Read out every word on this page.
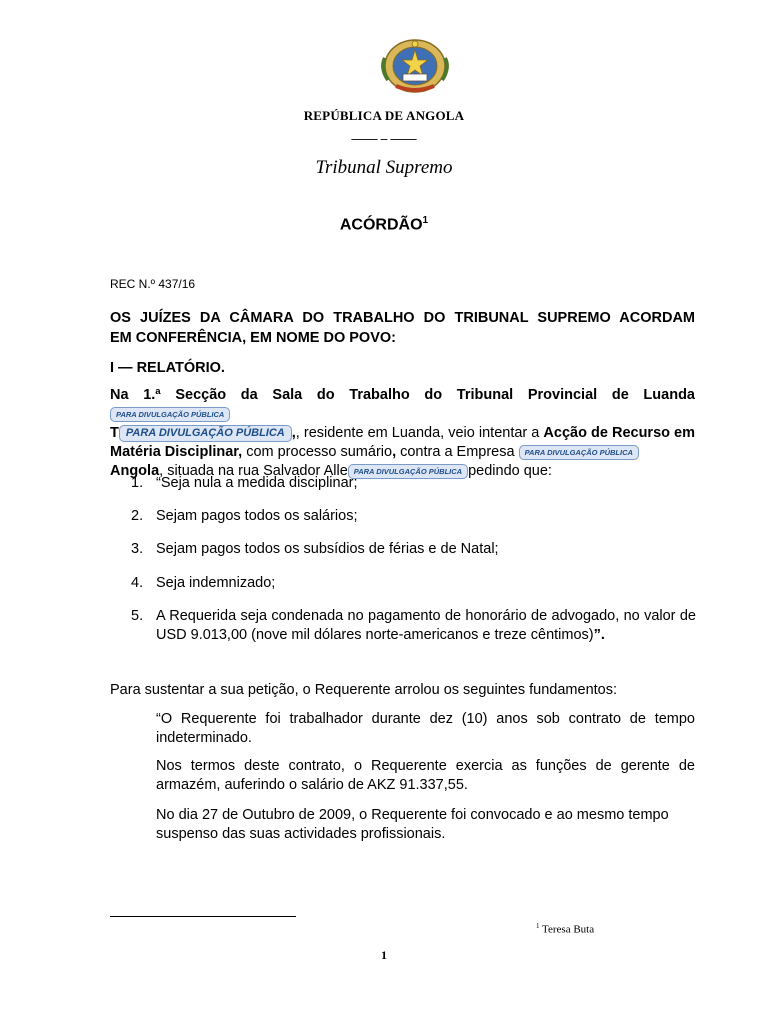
REPÚBLICA DE ANGOLA
____ _ ____
Tribunal Supremo
ACÓRDÃO$^1$
REC N.º 437/16
OS JUÍZES DA CÂMARA DO TRABALHO DO TRIBUNAL SUPREMO ACORDAM
EM CONFERÊNCIA, EM NOME DO POVO:
I — RELATÓRIO.
Na 1.ª Secção da Sala do Trabalho do Tribunal Provincial de LuandaPARA DIVULGAÇÃO PÚBLICA
T PARA DIVULGAÇÃO PÚBLICA ,, residente em Luanda, veio intentar a Acção de Recurso em Matéria Disciplinar, com processo sumário, contra a Empresa PARA DIVULGAÇÃO PÚBLICA
Angola, situada na rua Salvador Alle PARA DIVULGAÇÃO PÚBLICA pedindo que:
1. “Seja nula a medida disciplinar;
2. Sejam pagos todos os salários;
3. Sejam pagos todos os subsídios de férias e de Natal;
4. Seja indemnizado;
5. A Requerida seja condenada no pagamento de honorário de advogado, no valor de USD 9.013,00 (nove mil dólares norte-americanos e treze cêntimos)”.
Para sustentar a sua petição, o Requerente arrolou os seguintes fundamentos:
“O Requerente foi trabalhador durante dez (10) anos sob contrato de tempo indeterminado.
Nos termos deste contrato, o Requerente exercia as funções de gerente de armazém, auferindo o salário de AKZ 91.337,55.
No dia 27 de Outubro de 2009, o Requerente foi convocado e ao mesmo tempo
suspenso das suas actividades profissionais.
$^1$ Teresa Buta
1
